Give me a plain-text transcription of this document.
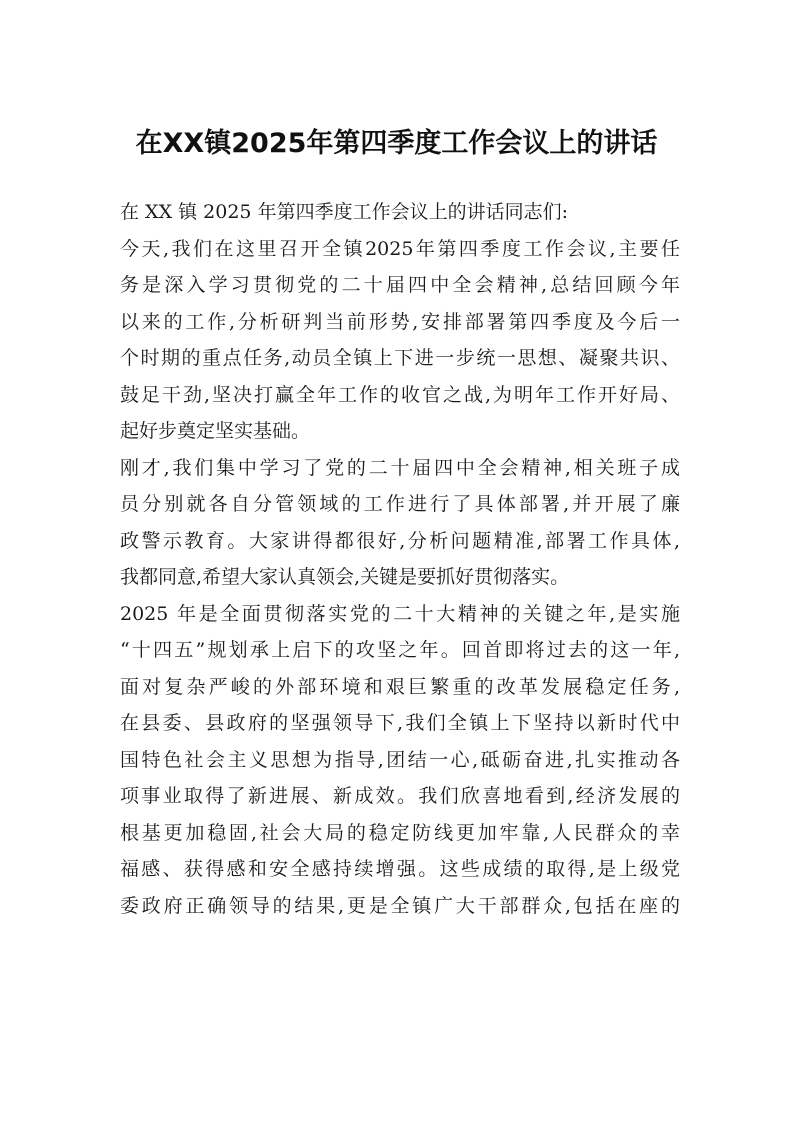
在XX镇2025年第四季度工作会议上的讲话
在 XX 镇 2025 年第四季度工作会议上的讲话同志们:
今天,我们在这里召开全镇2025年第四季度工作会议,主要任
务是深入学习贯彻党的二十届四中全会精神,总结回顾今年
以来的工作,分析研判当前形势,安排部署第四季度及今后一
个时期的重点任务,动员全镇上下进一步统一思想、凝聚共识、
鼓足干劲,坚决打赢全年工作的收官之战,为明年工作开好局、
起好步奠定坚实基础。
刚才,我们集中学习了党的二十届四中全会精神,相关班子成
员分别就各自分管领域的工作进行了具体部署,并开展了廉
政警示教育。大家讲得都很好,分析问题精准,部署工作具体,
我都同意,希望大家认真领会,关键是要抓好贯彻落实。
2025 年是全面贯彻落实党的二十大精神的关键之年,是实施
“十四五”规划承上启下的攻坚之年。回首即将过去的这一年,
面对复杂严峻的外部环境和艰巨繁重的改革发展稳定任务,
在县委、县政府的坚强领导下,我们全镇上下坚持以新时代中
国特色社会主义思想为指导,团结一心,砥砺奋进,扎实推动各
项事业取得了新进展、新成效。我们欣喜地看到,经济发展的
根基更加稳固,社会大局的稳定防线更加牢靠,人民群众的幸
福感、获得感和安全感持续增强。这些成绩的取得,是上级党
委政府正确领导的结果,更是全镇广大干部群众,包括在座的
